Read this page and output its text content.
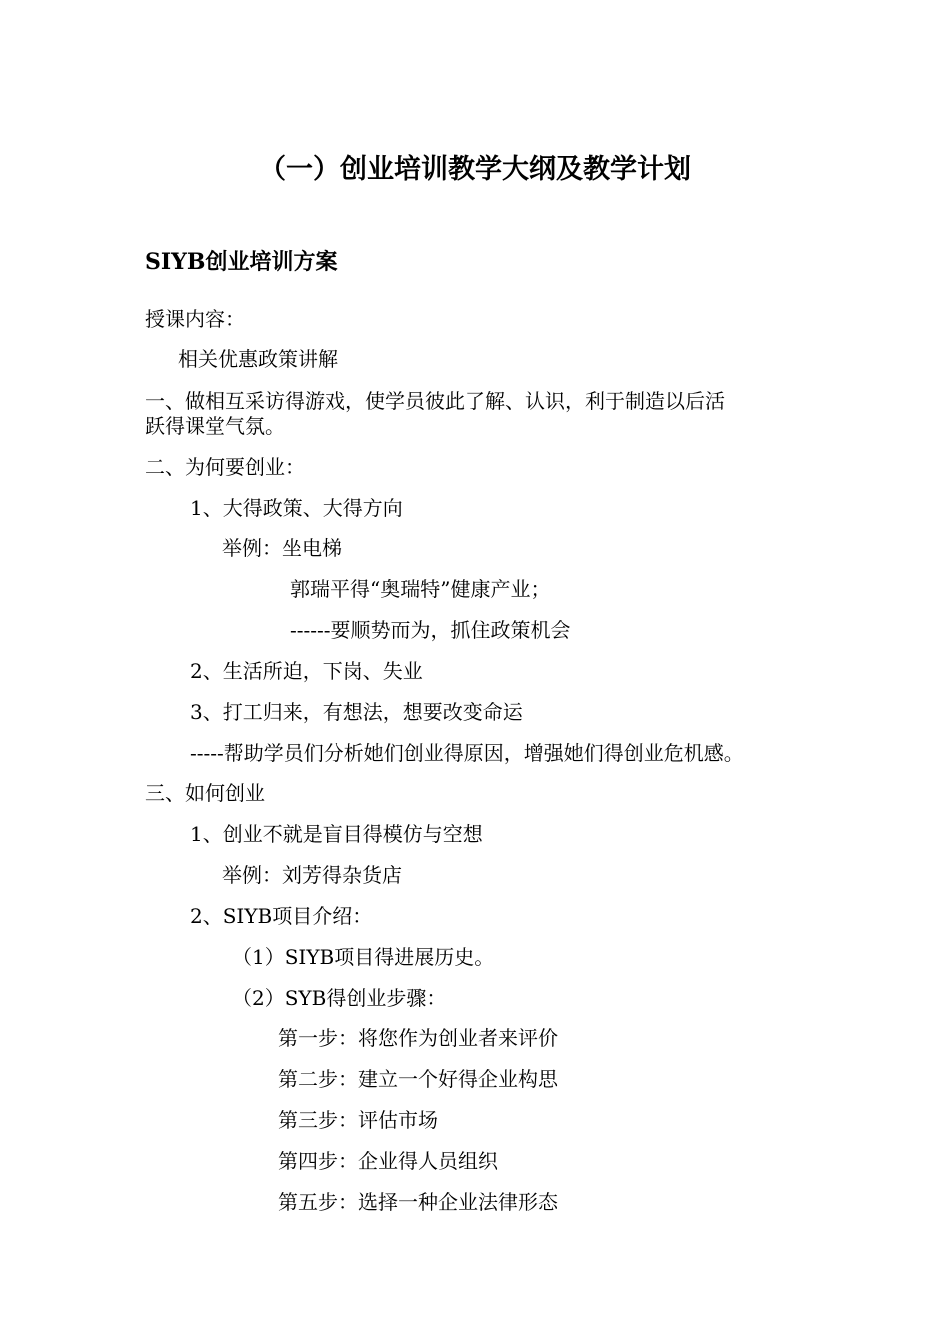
（一）创业培训教学大纲及教学计划
SIYB创业培训方案
授课内容：
相关优惠政策讲解
一、做相互采访得游戏，使学员彼此了解、认识，利于制造以后活
跃得课堂气氛。
二、为何要创业：
1、大得政策、大得方向
举例：坐电梯
郭瑞平得“奥瑞特”健康产业；
------要顺势而为，抓住政策机会
2、生活所迫，下岗、失业
3、打工归来，有想法，想要改变命运
-----帮助学员们分析她们创业得原因，增强她们得创业危机感。
三、如何创业
1、创业不就是盲目得模仿与空想
举例：刘芳得杂货店
2、SIYB项目介绍：
（1）SIYB项目得进展历史。
（2）SYB得创业步骤：
第一步：将您作为创业者来评价
第二步：建立一个好得企业构思
第三步：评估市场
第四步：企业得人员组织
第五步：选择一种企业法律形态
